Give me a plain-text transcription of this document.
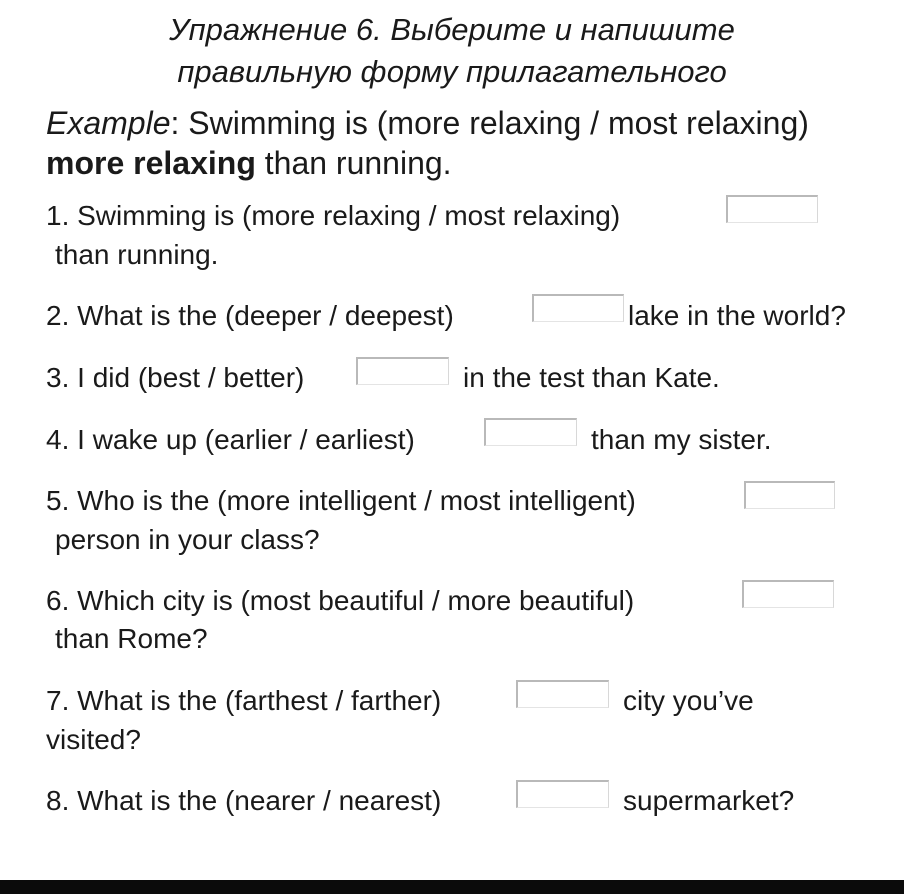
Упражнение 6. Выберите и напишите
правильную форму прилагательного

Example: Swimming is (more relaxing / most relaxing) more relaxing than running.

1. Swimming is (more relaxing / most relaxing)

than running.

2. What is the (deeper / deepest)	lake in the world?

3. I did (best / better)	in the test than Kate.

4. I wake up (earlier / earliest)	than my sister.

5. Who is the (more intelligent / most intelligent)

person in your class?

6. Which city is (most beautiful / more beautiful)

than Rome?

7. What is the (farthest / farther)	city you’ve

visited?

8. What is the (nearer / nearest)	supermarket?
